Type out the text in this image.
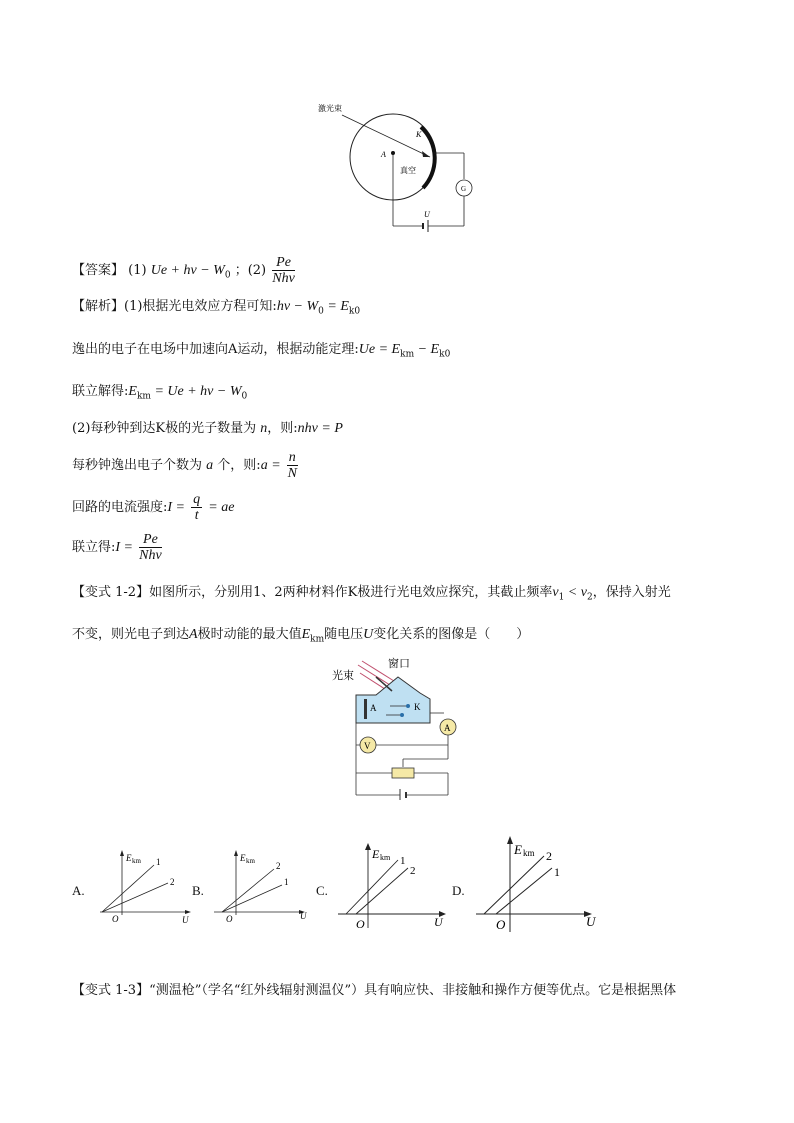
激光束
K
A
真空
G
U
【答案】 (1) $Ue + h\nu - W_0$ ；$(2) \frac{Pe}{\text{Nhν}}$
【解析】(1)根据光电效应方程可知:hν − $W_0 = E_{k0}$
逸出的电子在电场中加速向A运动，根据动能定理:Ue = $E_{km} - E_{k0}$
联立解得$:E_{km} = Ue + h\nu - W_0$
(2)每秒钟到达K极的光子数量为 n，则:nhν = P
每秒钟逸出电子个数为 a 个，则:a = $\frac{n}{N}$
回路的电流强度:I = $\frac{q}{t}$ = ae
联立得:I = $\frac{Pe}{\text{Nhν}}$
【变式 1-2】如图所示，分别用1、2两种材料作K极进行光电效应探究，其截止频率$\nu_1 < \nu_2$，保持入射光
不变，则光电子到达A极时动能的最大值$E_{km}$随电压U变化关系的图像是（　　）
光束
窗口
A	K
A
V
A.
E km
U
O
1
2
B.
E km
U
O
2
1
C.
E km
U
O
1
2
D.
E km
U
O
2
1
【变式 1-3】“测温枪”（学名“红外线辐射测温仪”）具有响应快、非接触和操作方便等优点。它是根据黑体
